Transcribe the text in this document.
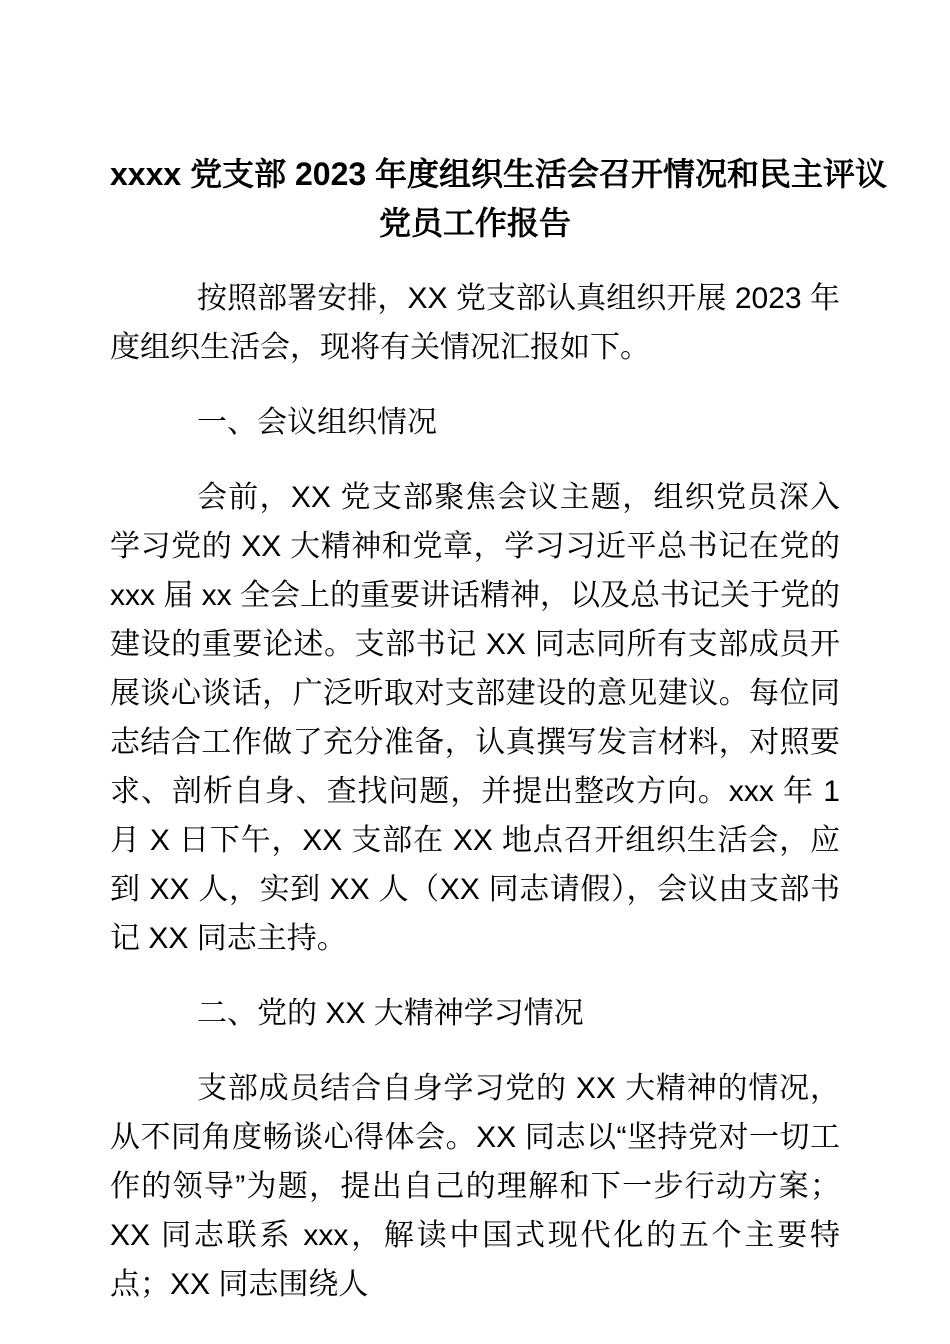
xxxx 党支部 2023 年度组织生活会召开情况和民主评议
党员工作报告
按照部署安排，XX 党支部认真组织开展 2023 年度组织生活会，现将有关情况汇报如下。
一、会议组织情况
会前，XX 党支部聚焦会议主题，组织党员深入学习党的 XX 大精神和党章，学习习近平总书记在党的 xxx 届 xx 全会上的重要讲话精神，以及总书记关于党的建设的重要论述。支部书记 XX 同志同所有支部成员开展谈心谈话，广泛听取对支部建设的意见建议。每位同志结合工作做了充分准备，认真撰写发言材料，对照要求、剖析自身、查找问题，并提出整改方向。xxx 年 1 月 X 日下午，XX 支部在 XX 地点召开组织生活会，应到 XX 人，实到 XX 人（XX 同志请假），会议由支部书记 XX 同志主持。
二、党的 XX 大精神学习情况
支部成员结合自身学习党的 XX 大精神的情况，从不同角度畅谈心得体会。XX 同志以“坚持党对一切工作的领导”为题，提出自己的理解和下一步行动方案；XX 同志联系 xxx，解读中国式现代化的五个主要特点；XX 同志围绕人
